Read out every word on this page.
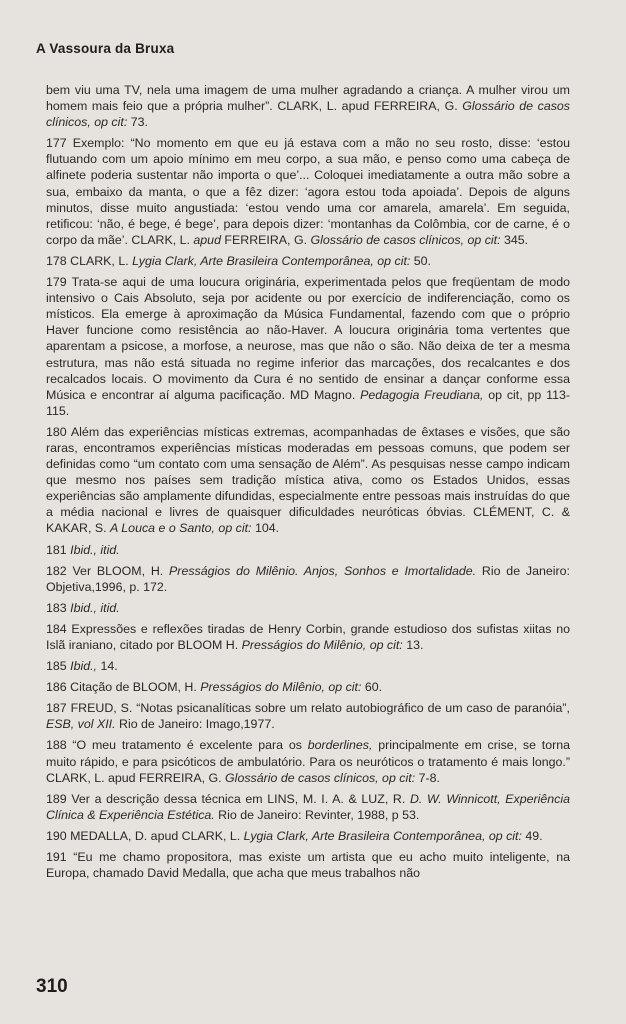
A Vassoura da Bruxa

bem viu uma TV, nela uma imagem de uma mulher agradando a criança. A mulher virou um homem mais feio que a própria mulher”. CLARK, L. apud FERREIRA, G. Glossário de casos clínicos, op cit: 73.

177 Exemplo: “No momento em que eu já estava com a mão no seu rosto, disse: ‘estou flutuando com um apoio mínimo em meu corpo, a sua mão, e penso como uma cabeça de alfinete poderia sustentar não importa o que’... Coloquei imediatamente a outra mão sobre a sua, embaixo da manta, o que a fêz dizer: ‘agora estou toda apoiada’. Depois de alguns minutos, disse muito angustiada: ‘estou vendo uma cor amarela, amarela’. Em seguida, retificou: ‘não, é bege, é bege’, para depois dizer: ‘montanhas da Colômbia, cor de carne, é o corpo da mãe’. CLARK, L. apud FERREIRA, G. Glossário de casos clínicos, op cit: 345.

178 CLARK, L. Lygia Clark, Arte Brasileira Contemporânea, op cit: 50.

179 Trata-se aqui de uma loucura originária, experimentada pelos que freqüentam de modo intensivo o Cais Absoluto, seja por acidente ou por exercício de indiferenciação, como os místicos. Ela emerge à aproximação da Música Fundamental, fazendo com que o próprio Haver funcione como resistência ao não-Haver. A loucura originária toma vertentes que aparentam a psicose, a morfose, a neurose, mas que não o são. Não deixa de ter a mesma estrutura, mas não está situada no regime inferior das marcações, dos recalcantes e dos recalcados locais. O movimento da Cura é no sentido de ensinar a dançar conforme essa Música e encontrar aí alguma pacificação. MD Magno. Pedagogia Freudiana, op cit, pp 113-115.

180 Além das experiências místicas extremas, acompanhadas de êxtases e visões, que são raras, encontramos experiências místicas moderadas em pessoas comuns, que podem ser definidas como “um contato com uma sensação de Além”. As pesquisas nesse campo indicam que mesmo nos países sem tradição mística ativa, como os Estados Unidos, essas experiências são amplamente difundidas, especialmente entre pessoas mais instruídas do que a média nacional e livres de quaisquer dificuldades neuróticas óbvias. CLÉMENT, C. & KAKAR, S. A Louca e o Santo, op cit: 104.

181 Ibid., itid.

182 Ver BLOOM, H. Presságios do Milênio. Anjos, Sonhos e Imortalidade. Rio de Janeiro: Objetiva,1996, p. 172.

183 Ibid., itid.

184 Expressões e reflexões tiradas de Henry Corbin, grande estudioso dos sufistas xiitas no Islã iraniano, citado por BLOOM H. Presságios do Milênio, op cit: 13.

185 Ibid., 14.

186 Citação de BLOOM, H. Presságios do Milênio, op cit: 60.

187 FREUD, S. “Notas psicanalíticas sobre um relato autobiográfico de um caso de paranóia”, ESB, vol XII. Rio de Janeiro: Imago,1977.

188 “O meu tratamento é excelente para os borderlines, principalmente em crise, se torna muito rápido, e para psicóticos de ambulatório. Para os neuróticos o tratamento é mais longo.” CLARK, L. apud FERREIRA, G. Glossário de casos clínicos, op cit: 7-8.

189 Ver a descrição dessa técnica em LINS, M. I. A. & LUZ, R. D. W. Winnicott, Experiência Clínica & Experiência Estética. Rio de Janeiro: Revinter, 1988, p 53.

190 MEDALLA, D. apud CLARK, L. Lygia Clark, Arte Brasileira Contemporânea, op cit: 49.

191 “Eu me chamo propositora, mas existe um artista que eu acho muito inteligente, na Europa, chamado David Medalla, que acha que meus trabalhos não

310
